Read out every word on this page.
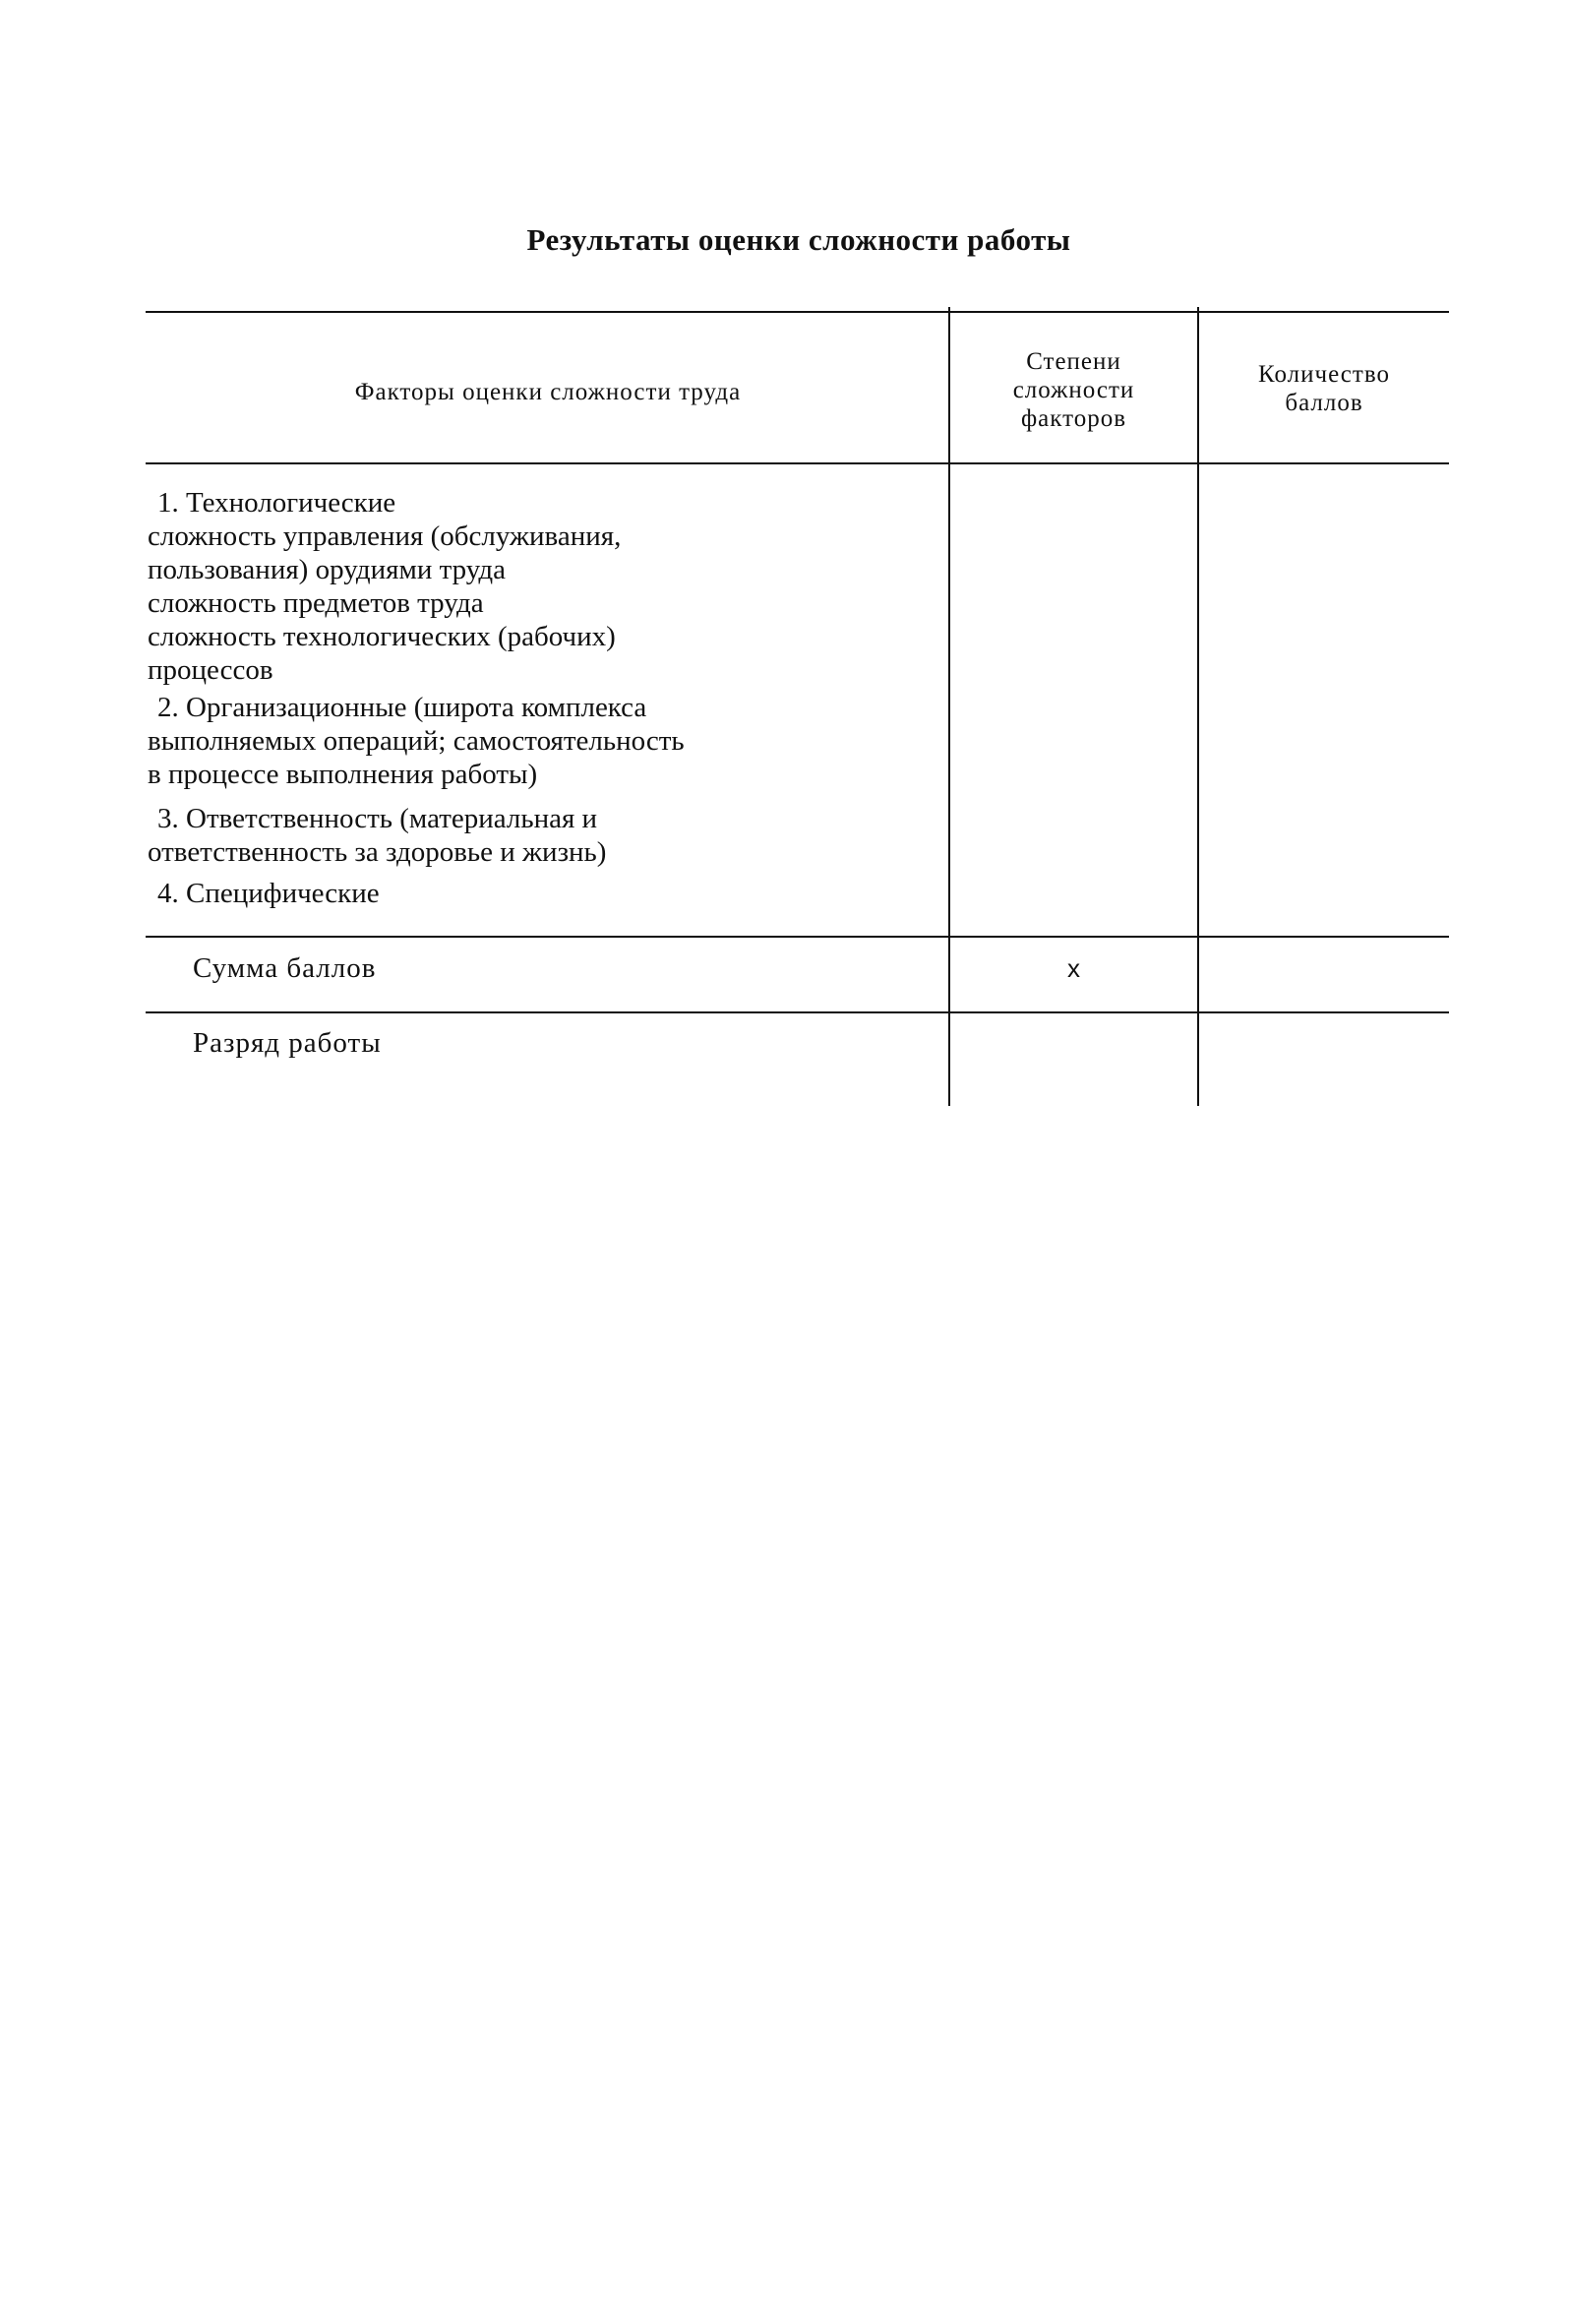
Результаты оценки сложности работы
Факторы оценки сложности труда
Степени
сложности
факторов
Количество
баллов
1. Технологические
сложность управления (обслуживания,
пользования) орудиями труда
сложность предметов труда
сложность технологических (рабочих)
процессов
2. Организационные (широта комплекса
выполняемых операций; самостоятельность
в процессе выполнения работы)
3. Ответственность (материальная и
ответственность за здоровье и жизнь)
4. Специфические
Сумма баллов	x
Разряд работы
